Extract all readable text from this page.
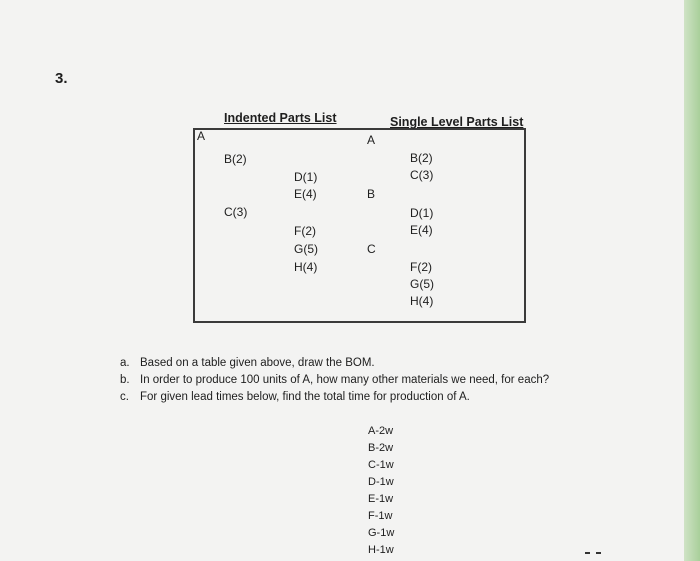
3.
Indented Parts List
A
B(2)
D(1)
E(4)
C(3)
F(2)
G(5)
H(4)
Single Level Parts List
A
B(2)
C(3)
B
D(1)
E(4)
C
F(2)
G(5)
H(4)
a. Based on a table given above, draw the BOM.
b. In order to produce 100 units of A, how many other materials we need, for each?
c. For given lead times below, find the total time for production of A.
A-2w
B-2w
C-1w
D-1w
E-1w
F-1w
G-1w
H-1w
